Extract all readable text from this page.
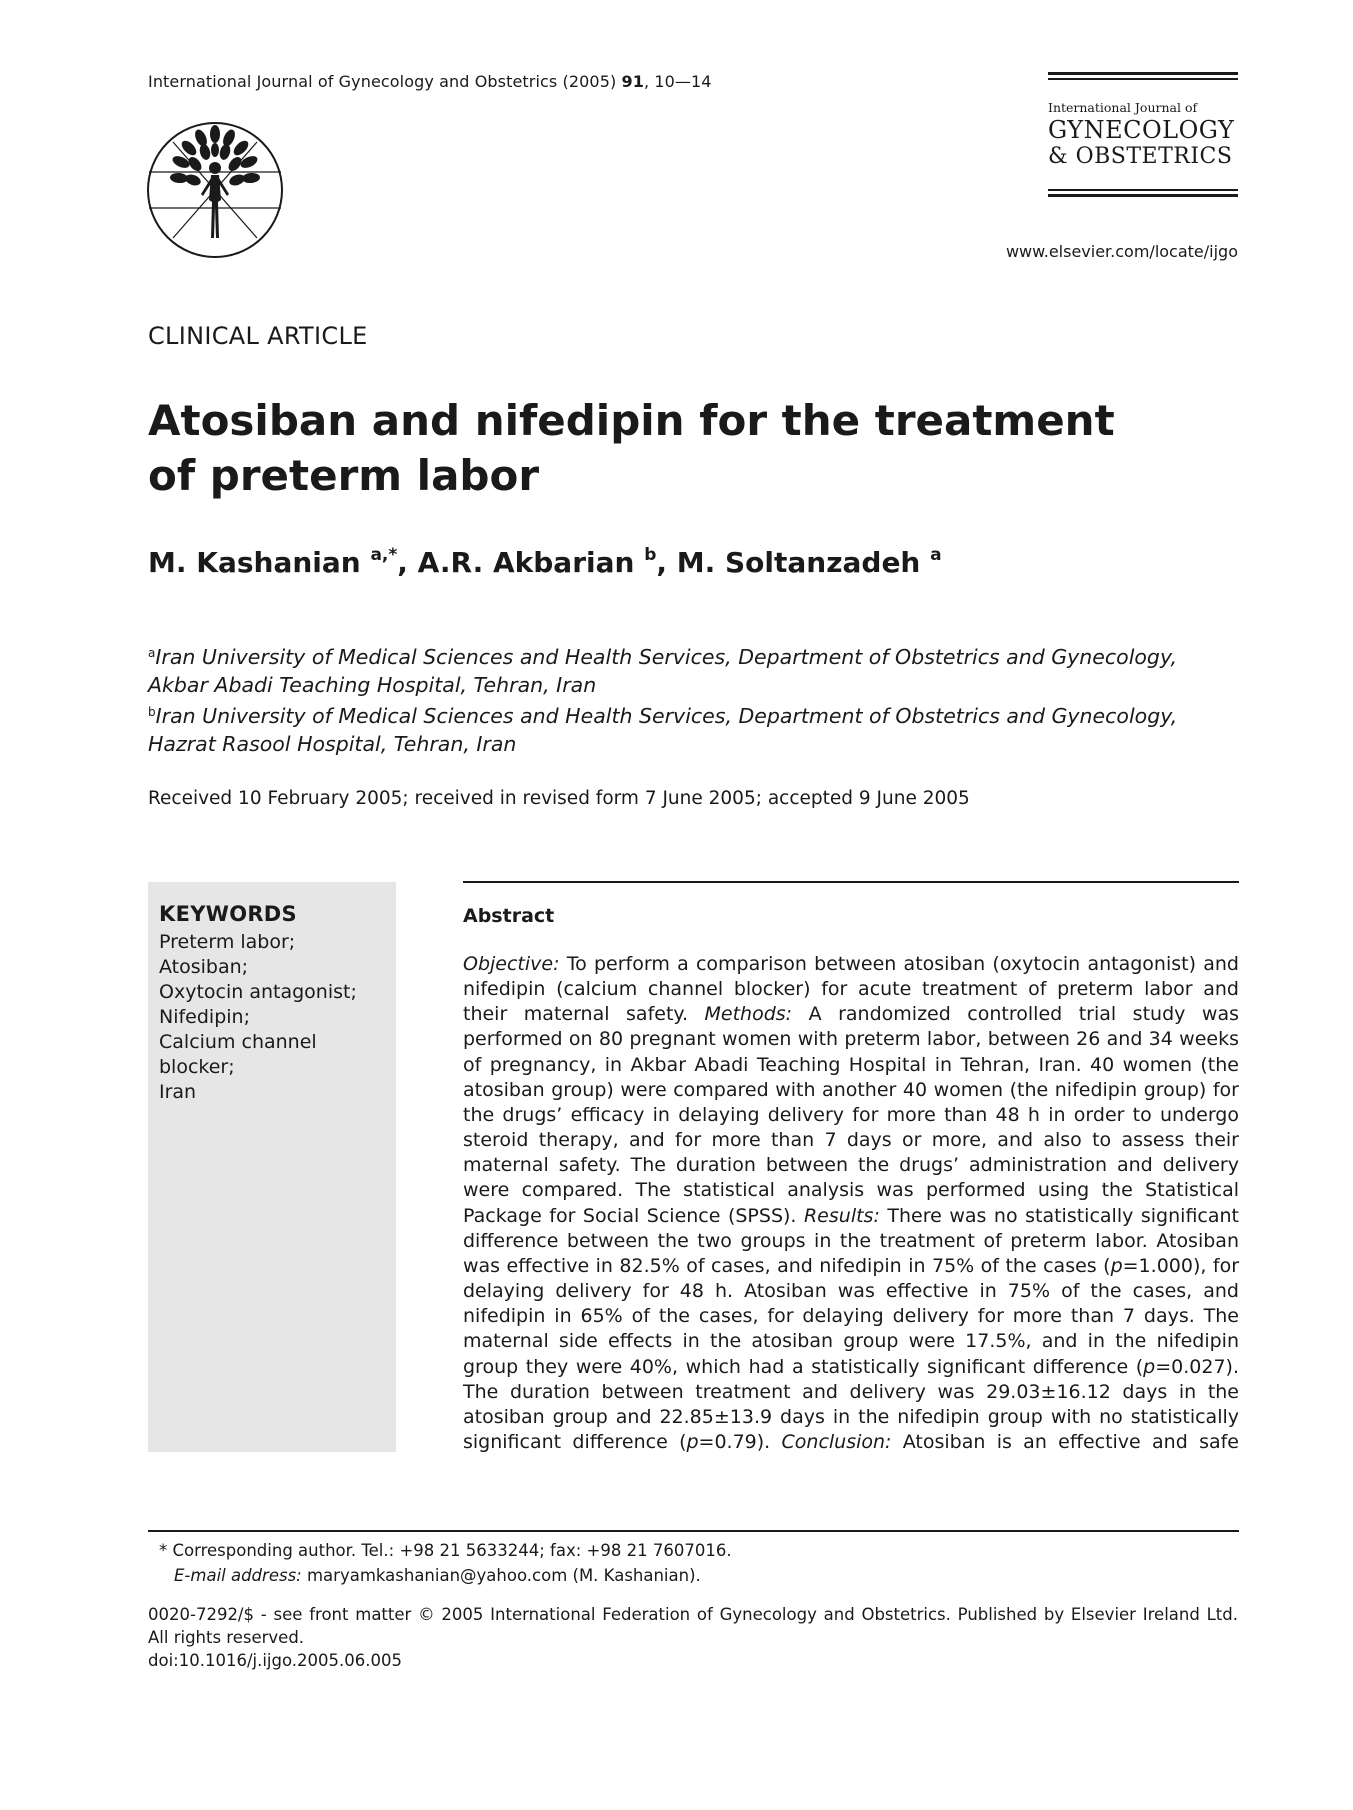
International Journal of Gynecology and Obstetrics (2005) 91, 10—14
International Journal of
GYNECOLOGY
& OBSTETRICS
www.elsevier.com/locate/ijgo
CLINICAL ARTICLE
Atosiban and nifedipin for the treatment of preterm labor
M. Kashanian $^{a,*}$, A.R. Akbarian $^b$, M. Soltanzadeh $^a$
$^a$Iran University of Medical Sciences and Health Services, Department of Obstetrics and Gynecology, Akbar Abadi Teaching Hospital, Tehran, Iran
$^b$Iran University of Medical Sciences and Health Services, Department of Obstetrics and Gynecology, Hazrat Rasool Hospital, Tehran, Iran
Received 10 February 2005; received in revised form 7 June 2005; accepted 9 June 2005
KEYWORDS
Preterm labor;
Atosiban;
Oxytocin antagonist;
Nifedipin;
Calcium channel
blocker;
Iran
Abstract
Objective: To perform a comparison between atosiban (oxytocin antagonist) and
nifedipin (calcium channel blocker) for acute treatment of preterm labor and
their maternal safety. Methods: A randomized controlled trial study was
performed on 80 pregnant women with preterm labor, between 26 and 34 weeks
of pregnancy, in Akbar Abadi Teaching Hospital in Tehran, Iran. 40 women (the
atosiban group) were compared with another 40 women (the nifedipin group) for
the drugs’ efficacy in delaying delivery for more than 48 h in order to undergo
steroid therapy, and for more than 7 days or more, and also to assess their
maternal safety. The duration between the drugs’ administration and delivery
were compared. The statistical analysis was performed using the Statistical
Package for Social Science (SPSS). Results: There was no statistically significant
difference between the two groups in the treatment of preterm labor. Atosiban
was effective in 82.5% of cases, and nifedipin in 75% of the cases (p=1.000), for
delaying delivery for 48 h. Atosiban was effective in 75% of the cases, and
nifedipin in 65% of the cases, for delaying delivery for more than 7 days. The
maternal side effects in the atosiban group were 17.5%, and in the nifedipin
group they were 40%, which had a statistically significant difference (p=0.027).
The duration between treatment and delivery was 29.03±16.12 days in the
atosiban group and 22.85±13.9 days in the nifedipin group with no statistically
significant difference (p=0.79). Conclusion: Atosiban is an effective and safe
* Corresponding author. Tel.: +98 21 5633244; fax: +98 21 7607016.
E-mail address: maryamkashanian@yahoo.com (M. Kashanian).
0020-7292/$ - see front matter © 2005 International Federation of Gynecology and Obstetrics. Published by Elsevier Ireland Ltd.
All rights reserved.
doi:10.1016/j.ijgo.2005.06.005
